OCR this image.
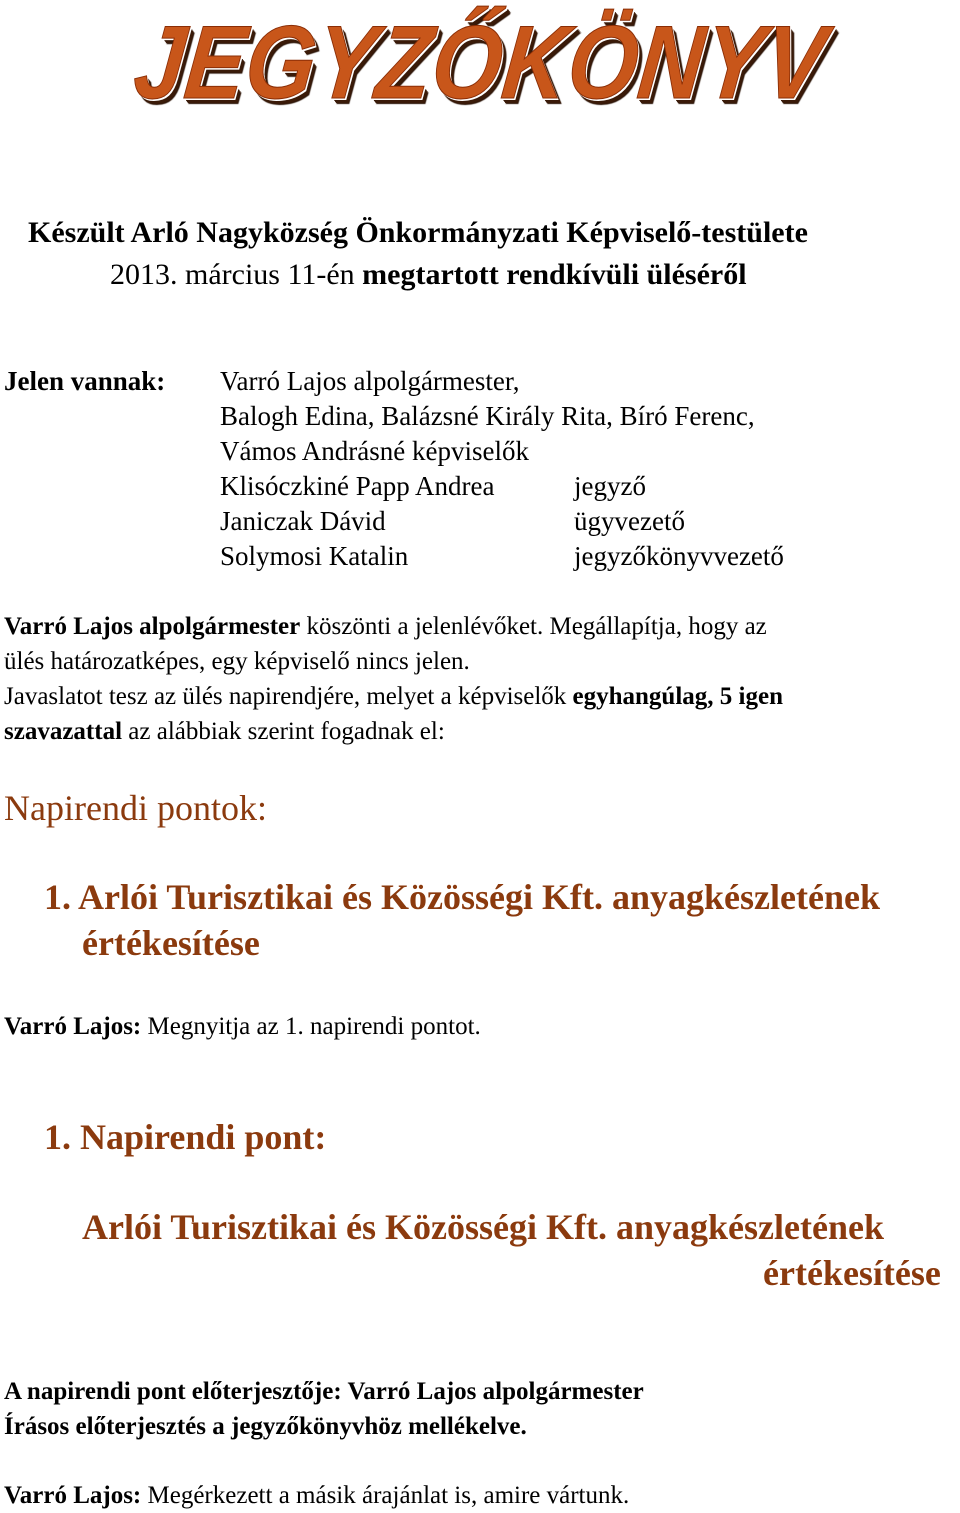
JEGYZŐKÖNYV
Készült Arló Nagyközség Önkormányzati Képviselő-testülete
2013. március 11-én megtartott rendkívüli üléséről
Jelen vannak: Varró Lajos alpolgármester,
Balogh Edina, Balázsné Király Rita, Bíró Ferenc,
Vámos Andrásné képviselők
Klisóczkiné Papp Andrea	jegyző
Janiczak Dávid	ügyvezető
Solymosi Katalin	jegyzőkönyvvezető
Varró Lajos alpolgármester köszönti a jelenlévőket. Megállapítja, hogy az
ülés határozatképes, egy képviselő nincs jelen.
Javaslatot tesz az ülés napirendjére, melyet a képviselők egyhangúlag, 5 igen
szavazattal az alábbiak szerint fogadnak el:
Napirendi pontok:
1. Arlói Turisztikai és Közösségi Kft. anyagkészletének
értékesítése
Varró Lajos: Megnyitja az 1. napirendi pontot.
1. Napirendi pont:
Arlói Turisztikai és Közösségi Kft. anyagkészletének
értékesítése
A napirendi pont előterjesztője: Varró Lajos alpolgármester
Írásos előterjesztés a jegyzőkönyvhöz mellékelve.
Varró Lajos: Megérkezett a másik árajánlat is, amire vártunk.
